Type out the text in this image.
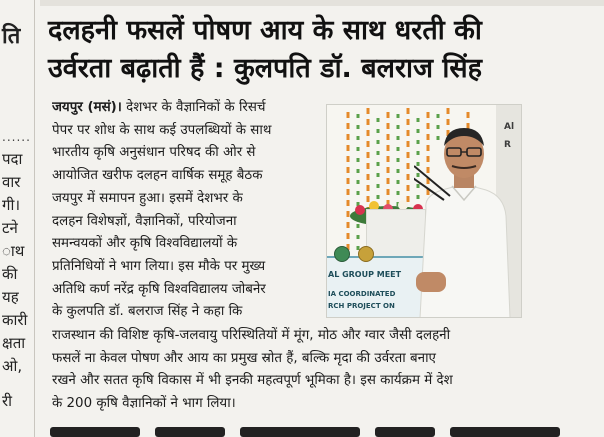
ति
......
पदा
वार
गी।
टने
ाथ
की
यह
कारी
क्षता
ओ,
री
दलहनी फसलें पोषण आय के साथ धरती की
उर्वरता बढ़ाती हैं : कुलपति डॉ. बलराज सिंह
जयपुर (मसं)। देशभर के वैज्ञानिकों के रिसर्च
पेपर पर शोध के साथ कई उपलब्धियों के साथ
भारतीय कृषि अनुसंधान परिषद की ओर से
आयोजित खरीफ दलहन वार्षिक समूह बैठक
जयपुर में समापन हुआ। इसमें देशभर के
दलहन विशेषज्ञों, वैज्ञानिकों, परियोजना
समन्वयकों और कृषि विश्वविद्यालयों के
प्रतिनिधियों ने भाग लिया। इस मौके पर मुख्य
अतिथि कर्ण नरेंद्र कृषि विश्वविद्यालय जोबनेर
के कुलपति डॉ. बलराज सिंह ने कहा कि
AL GROUP MEET
IA COORDINATED
RCH PROJECT ON
Al
R
राजस्थान की विशिष्ट कृषि-जलवायु परिस्थितियों में मूंग, मोठ और ग्वार जैसी दलहनी
फसलें ना केवल पोषण और आय का प्रमुख स्रोत हैं, बल्कि मृदा की उर्वरता बनाए
रखने और सतत कृषि विकास में भी इनकी महत्वपूर्ण भूमिका है। इस कार्यक्रम में देश
के 200 कृषि वैज्ञानिकों ने भाग लिया।
